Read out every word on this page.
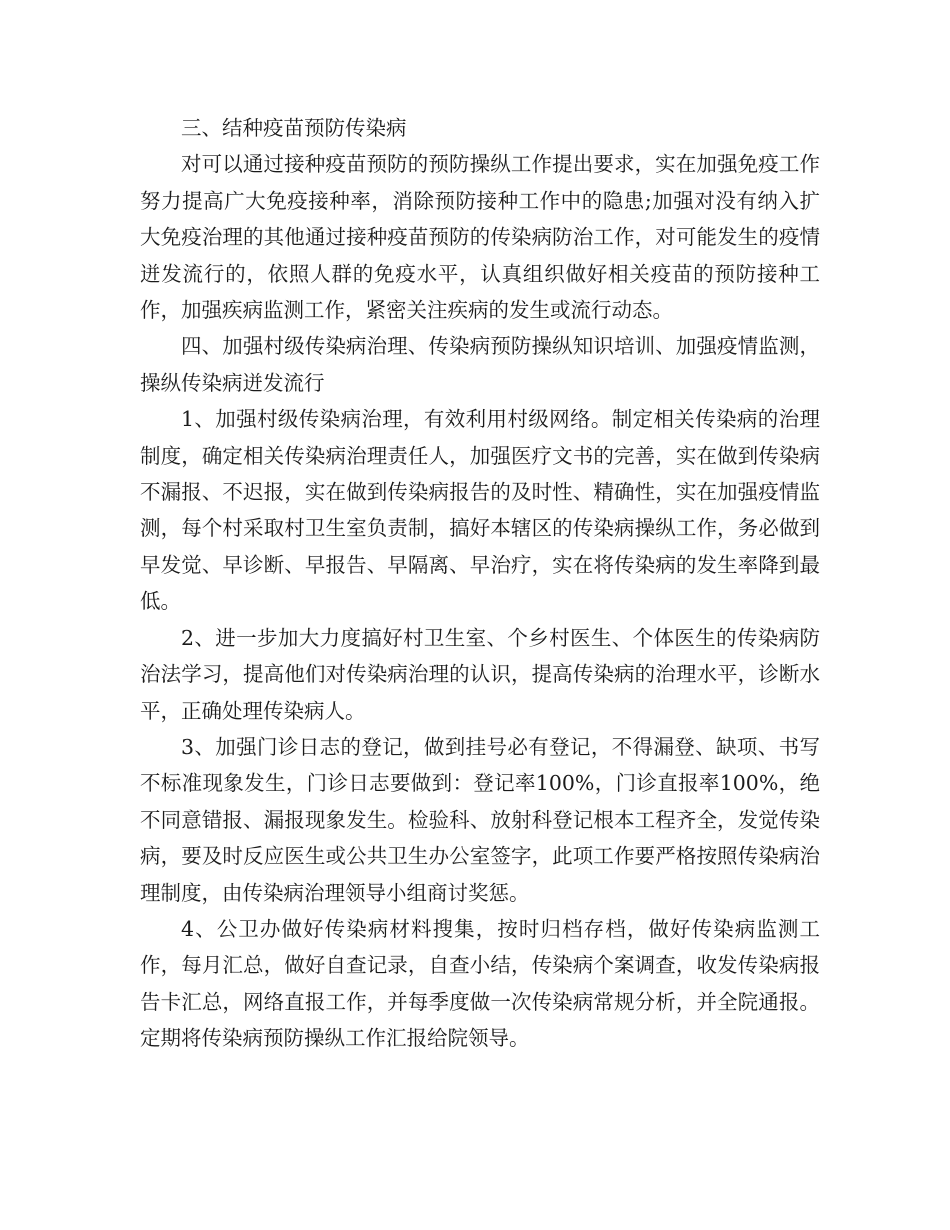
三、结种疫苗预防传染病

对可以通过接种疫苗预防的预防操纵工作提出要求，实在加强免疫工作努力提高广大免疫接种率，消除预防接种工作中的隐患;加强对没有纳入扩大免疫治理的其他通过接种疫苗预防的传染病防治工作，对可能发生的疫情迸发流行的，依照人群的免疫水平，认真组织做好相关疫苗的预防接种工作，加强疾病监测工作，紧密关注疾病的发生或流行动态。

四、加强村级传染病治理、传染病预防操纵知识培训、加强疫情监测，操纵传染病迸发流行

1、加强村级传染病治理，有效利用村级网络。制定相关传染病的治理制度，确定相关传染病治理责任人，加强医疗文书的完善，实在做到传染病不漏报、不迟报，实在做到传染病报告的及时性、精确性，实在加强疫情监测，每个村采取村卫生室负责制，搞好本辖区的传染病操纵工作，务必做到早发觉、早诊断、早报告、早隔离、早治疗，实在将传染病的发生率降到最低。

2、进一步加大力度搞好村卫生室、个乡村医生、个体医生的传染病防治法学习，提高他们对传染病治理的认识，提高传染病的治理水平，诊断水平，正确处理传染病人。

3、加强门诊日志的登记，做到挂号必有登记，不得漏登、缺项、书写不标准现象发生，门诊日志要做到：登记率100%，门诊直报率100%，绝不同意错报、漏报现象发生。检验科、放射科登记根本工程齐全，发觉传染病，要及时反应医生或公共卫生办公室签字，此项工作要严格按照传染病治理制度，由传染病治理领导小组商讨奖惩。

4、公卫办做好传染病材料搜集，按时归档存档，做好传染病监测工作，每月汇总，做好自查记录，自查小结，传染病个案调查，收发传染病报告卡汇总，网络直报工作，并每季度做一次传染病常规分析，并全院通报。定期将传染病预防操纵工作汇报给院领导。
